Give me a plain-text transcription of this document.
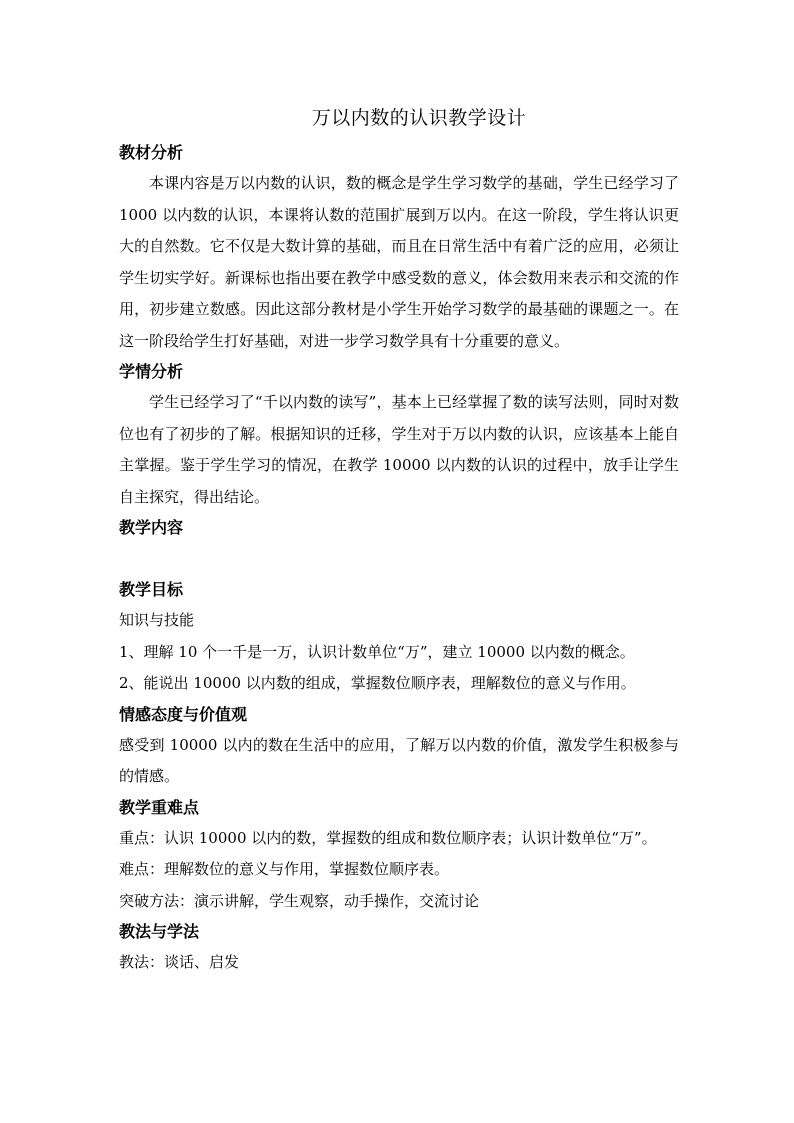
万以内数的认识教学设计
教材分析

本课内容是万以内数的认识，数的概念是学生学习数学的基础，学生已经学习了 1000 以内数的认识，本课将认数的范围扩展到万以内。在这一阶段，学生将认识更大的自然数。它不仅是大数计算的基础，而且在日常生活中有着广泛的应用，必须让学生切实学好。新课标也指出要在教学中感受数的意义，体会数用来表示和交流的作用，初步建立数感。因此这部分教材是小学生开始学习数学的最基础的课题之一。在这一阶段给学生打好基础，对进一步学习数学具有十分重要的意义。

学情分析

学生已经学习了“千以内数的读写”，基本上已经掌握了数的读写法则，同时对数位也有了初步的了解。根据知识的迁移，学生对于万以内数的认识，应该基本上能自主掌握。鉴于学生学习的情况，在教学 10000 以内数的认识的过程中，放手让学生自主探究，得出结论。

教学内容
教学目标

知识与技能

1、理解 10 个一千是一万，认识计数单位“万”，建立 10000 以内数的概念。

2、能说出 10000 以内数的组成，掌握数位顺序表，理解数位的意义与作用。

情感态度与价值观

感受到 10000 以内的数在生活中的应用，了解万以内数的价值，激发学生积极参与的情感。

教学重难点

重点：认识 10000 以内的数，掌握数的组成和数位顺序表；认识计数单位“万”。

难点：理解数位的意义与作用，掌握数位顺序表。

突破方法：演示讲解，学生观察，动手操作，交流讨论

教法与学法

教法：谈话、启发
